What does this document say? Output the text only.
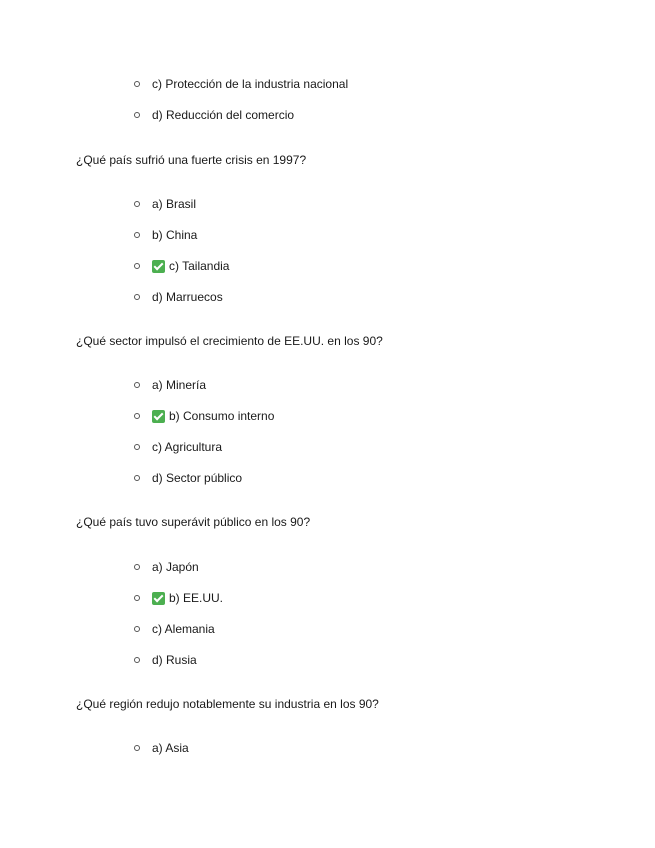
c) Protección de la industria nacional
d) Reducción del comercio
¿Qué país sufrió una fuerte crisis en 1997?
a) Brasil
b) China
c) Tailandia
d) Marruecos
¿Qué sector impulsó el crecimiento de EE.UU. en los 90?
a) Minería
b) Consumo interno
c) Agricultura
d) Sector público
¿Qué país tuvo superávit público en los 90?
a) Japón
b) EE.UU.
c) Alemania
d) Rusia
¿Qué región redujo notablemente su industria en los 90?
a) Asia
